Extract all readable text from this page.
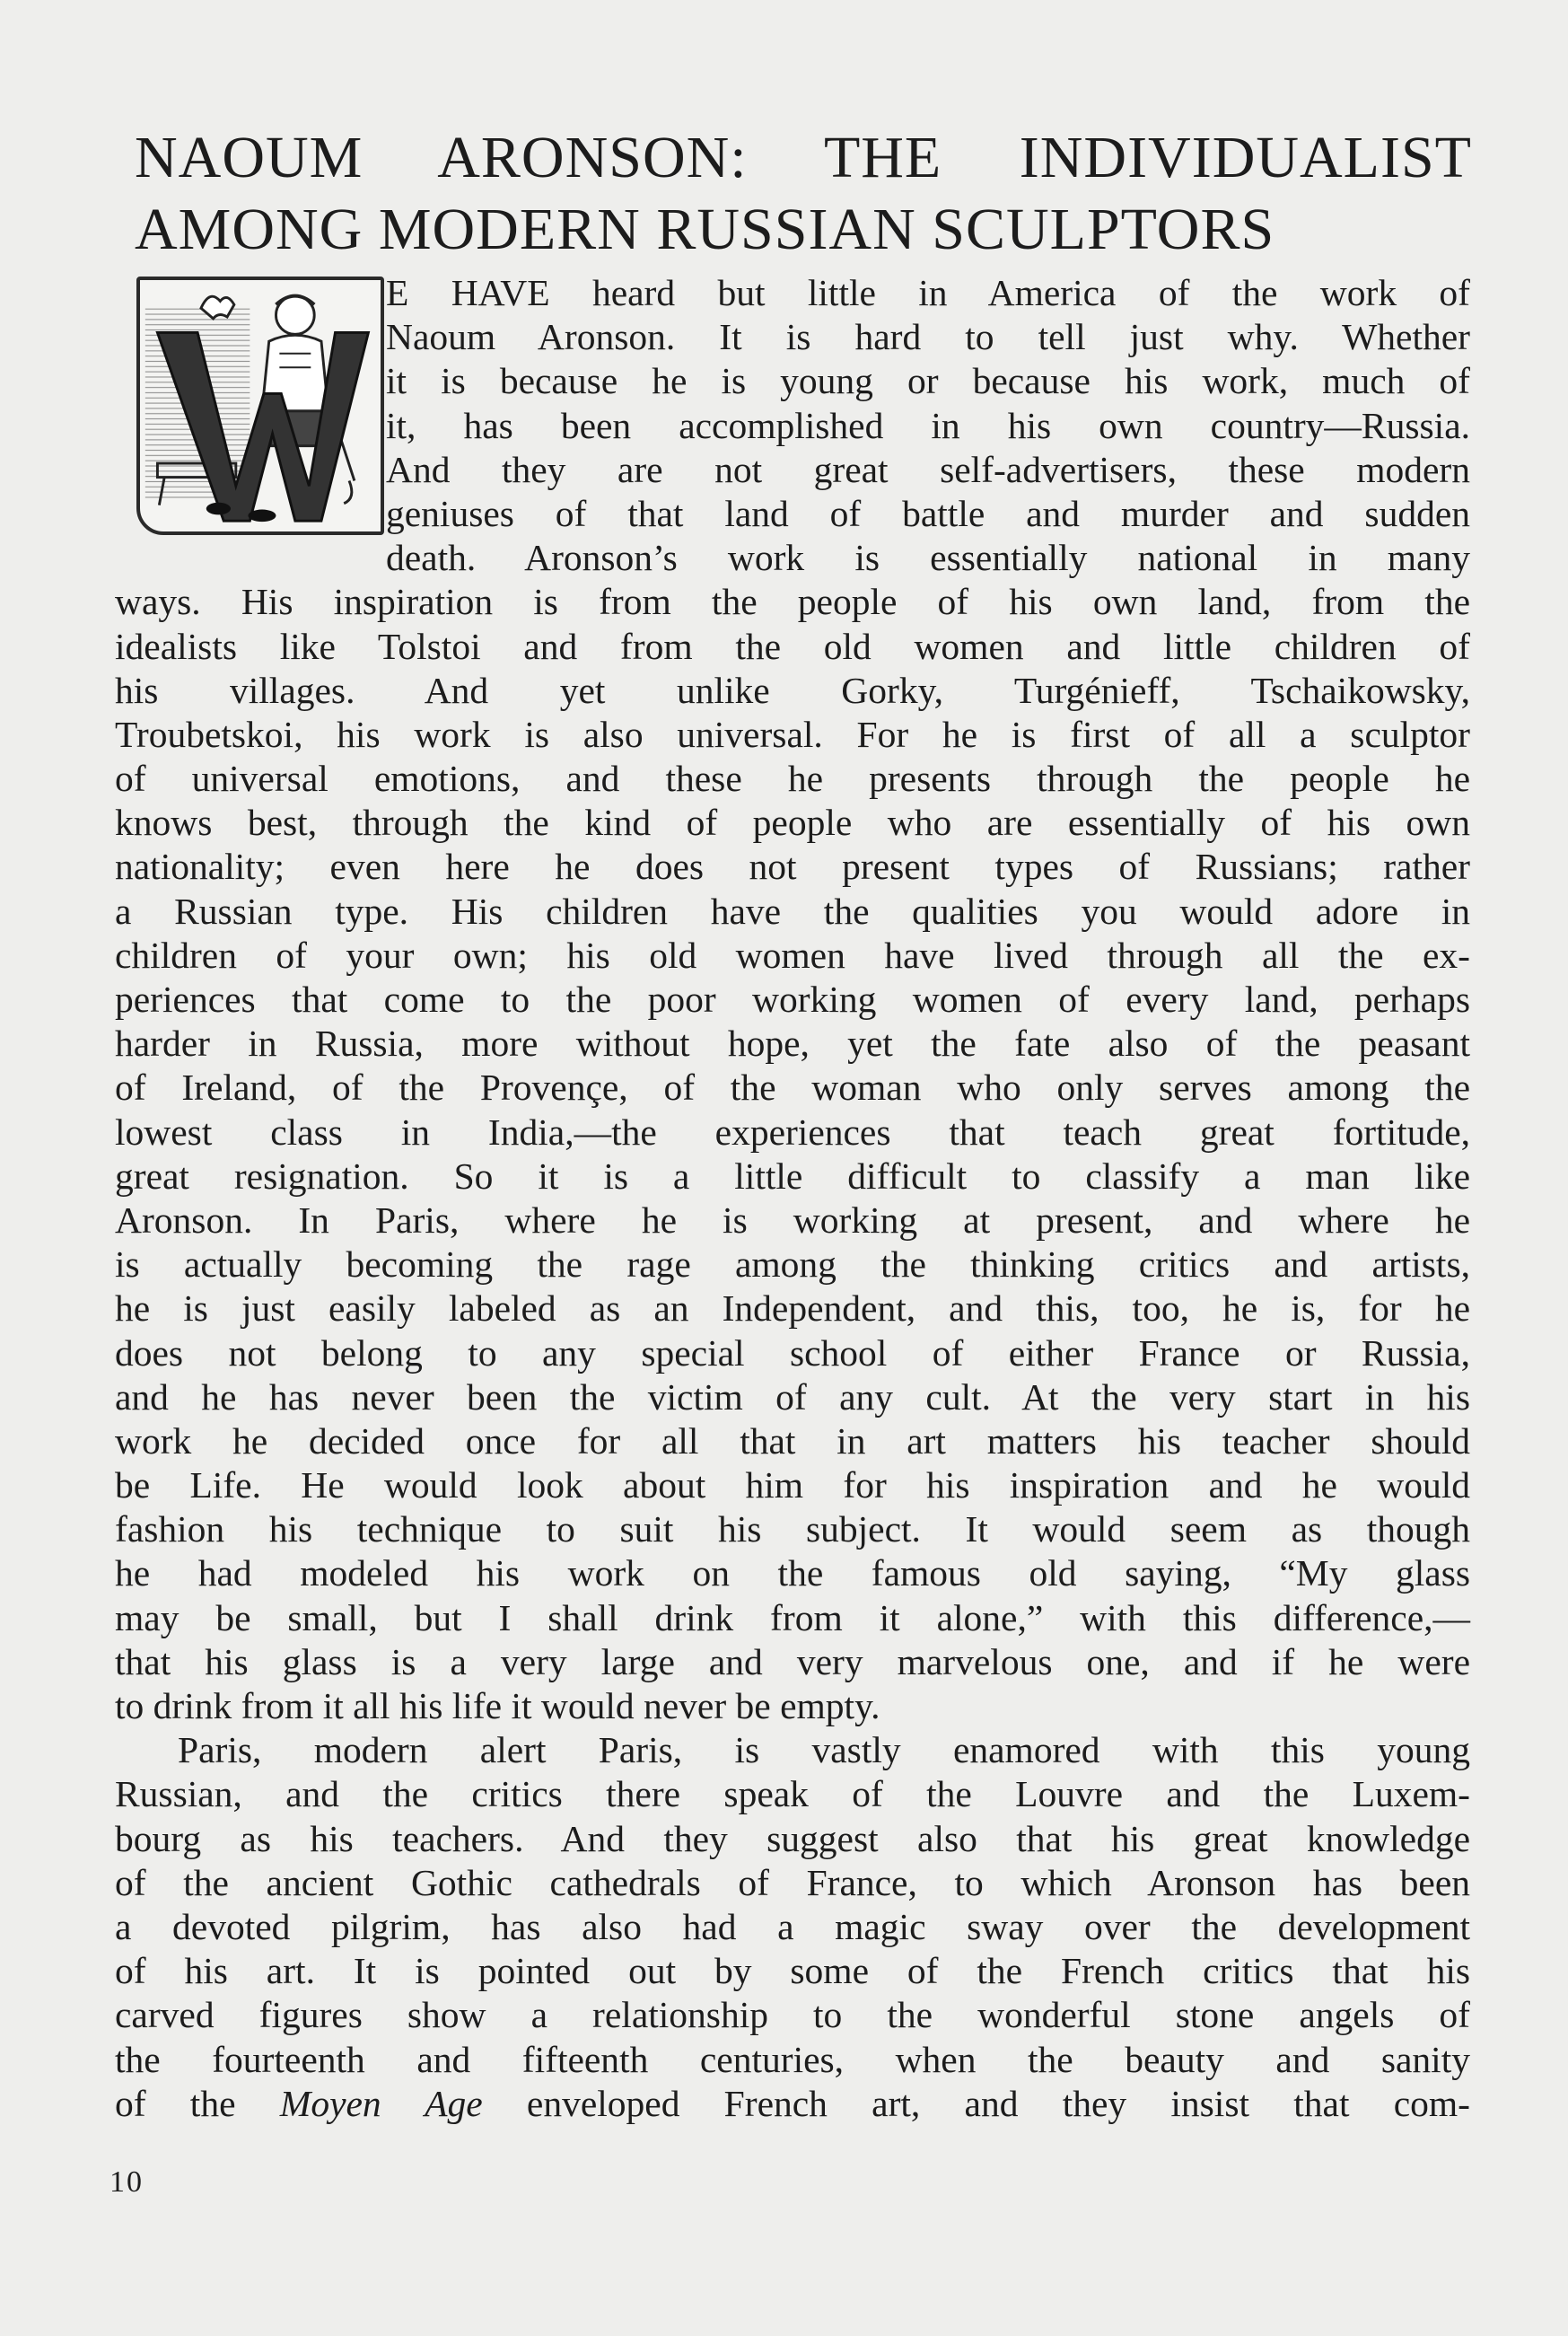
NAOUM ARONSON: THE INDIVIDUALIST
AMONG MODERN RUSSIAN SCULPTORS
E HAVE heard but little in America of the work of
Naoum Aronson. It is hard to tell just why. Whether
it is because he is young or because his work, much of
it, has been accomplished in his own country—Russia.
And they are not great self-advertisers, these modern
geniuses of that land of battle and murder and sudden
death. Aronson’s work is essentially national in many
ways. His inspiration is from the people of his own land, from the
idealists like Tolstoi and from the old women and little children of
his villages. And yet unlike Gorky, Turgénieff, Tschaikowsky,
Troubetskoi, his work is also universal. For he is first of all a sculptor
of universal emotions, and these he presents through the people he
knows best, through the kind of people who are essentially of his own
nationality; even here he does not present types of Russians; rather
a Russian type. His children have the qualities you would adore in
children of your own; his old women have lived through all the ex-
periences that come to the poor working women of every land, perhaps
harder in Russia, more without hope, yet the fate also of the peasant
of Ireland, of the Provençe, of the woman who only serves among the
lowest class in India,—the experiences that teach great fortitude,
great resignation. So it is a little difficult to classify a man like
Aronson. In Paris, where he is working at present, and where he
is actually becoming the rage among the thinking critics and artists,
he is just easily labeled as an Independent, and this, too, he is, for he
does not belong to any special school of either France or Russia,
and he has never been the victim of any cult. At the very start in his
work he decided once for all that in art matters his teacher should
be Life. He would look about him for his inspiration and he would
fashion his technique to suit his subject. It would seem as though
he had modeled his work on the famous old saying, “My glass
may be small, but I shall drink from it alone,” with this difference,—
that his glass is a very large and very marvelous one, and if he were
to drink from it all his life it would never be empty.
Paris, modern alert Paris, is vastly enamored with this young
Russian, and the critics there speak of the Louvre and the Luxem-
bourg as his teachers. And they suggest also that his great knowledge
of the ancient Gothic cathedrals of France, to which Aronson has been
a devoted pilgrim, has also had a magic sway over the development
of his art. It is pointed out by some of the French critics that his
carved figures show a relationship to the wonderful stone angels of
the fourteenth and fifteenth centuries, when the beauty and sanity
of the Moyen Age enveloped French art, and they insist that com-
10
